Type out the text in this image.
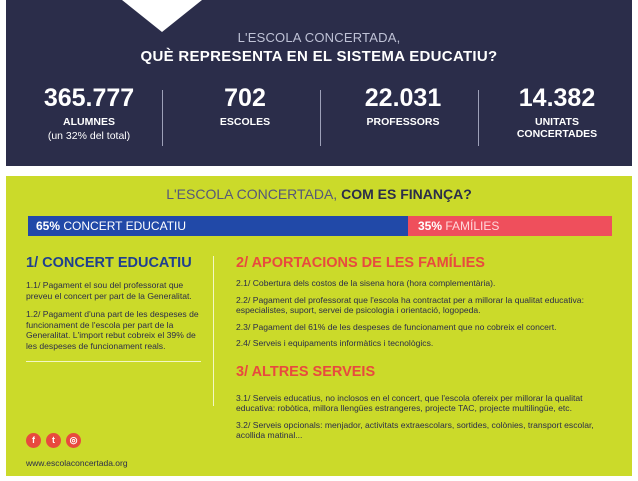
L'ESCOLA CONCERTADA,
QUÈ REPRESENTA EN EL SISTEMA EDUCATIU?
365.777
ALUMNES
(un 32% del total)
702
ESCOLES
22.031
PROFESSORS
14.382
UNITATS
CONCERTADES
L'ESCOLA CONCERTADA, COM ES FINANÇA?
65% CONCERT EDUCATIU	35% FAMÍLIES
1/ CONCERT EDUCATIU
1.1/ Pagament el sou del professorat que preveu el concert per part de la Generalitat.
1.2/ Pagament d'una part de les despeses de funcionament de l'escola per part de la Generalitat. L'import rebut cobreix el 39% de les despeses de funcionament reals.
2/ APORTACIONS DE LES FAMÍLIES
2.1/ Cobertura dels costos de la sisena hora (hora complementària).
2.2/ Pagament del professorat que l'escola ha contractat per a millorar la qualitat educativa: especialistes, suport, servei de psicologia i orientació, logopeda.
2.3/ Pagament del 61% de les despeses de funcionament que no cobreix el concert.
2.4/ Serveis i equipaments informàtics i tecnològics.
3/ ALTRES SERVEIS
3.1/ Serveis educatius, no inclosos en el concert, que l'escola ofereix per millorar la qualitat educativa: robòtica, millora llengües estrangeres, projecte TAC, projecte multilingüe, etc.
3.2/ Serveis opcionals: menjador, activitats extraescolars, sortides, colònies, transport escolar, acollida matinal...
f	t	◎
www.escolaconcertada.org
